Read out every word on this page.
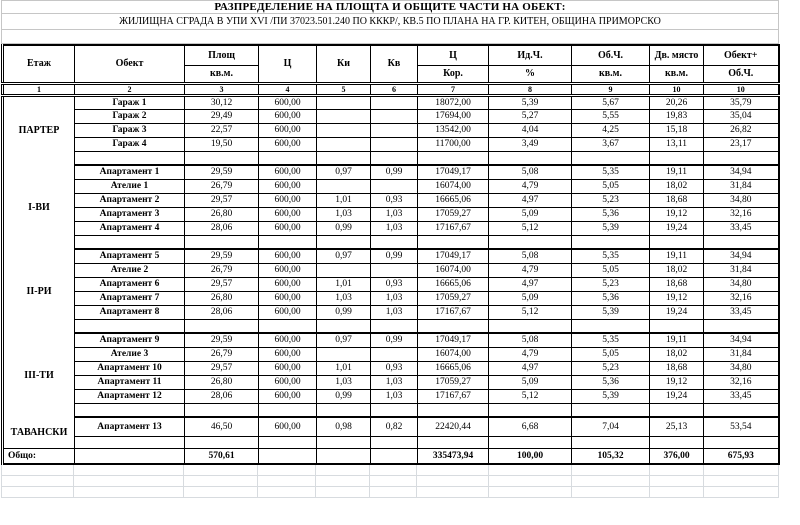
РАЗПРЕДЕЛЕНИЕ НА ПЛОЩТА И ОБЩИТЕ ЧАСТИ НА ОБЕКТ:
ЖИЛИЩНА СГРАДА В УПИ XVI /ПИ 37023.501.240 ПО КККР/, КВ.5 ПО ПЛАНА НА ГР. КИТЕН, ОБЩИНА ПРИМОРСКО
Етаж	Обект	Площ	Ц	Ки	Кв	Ц	Ид.Ч.	Об.Ч.	Дв. място	Обект+
		кв.м.				Кор.	%	кв.м.	кв.м.	Об.Ч.
1	2	3	4	5	6	7	8	9	10	10
ПАРТЕР	Гараж 1	30,12	600,00			18072,00	5,39	5,67	20,26	35,79
	Гараж 2	29,49	600,00			17694,00	5,27	5,55	19,83	35,04
	Гараж 3	22,57	600,00			13542,00	4,04	4,25	15,18	26,82
	Гараж 4	19,50	600,00			11700,00	3,49	3,67	13,11	23,17

I-ВИ	Апартамент 1	29,59	600,00	0,97	0,99	17049,17	5,08	5,35	19,11	34,94
	Ателие 1	26,79	600,00			16074,00	4,79	5,05	18,02	31,84
	Апартамент 2	29,57	600,00	1,01	0,93	16665,06	4,97	5,23	18,68	34,80
	Апартамент 3	26,80	600,00	1,03	1,03	17059,27	5,09	5,36	19,12	32,16
	Апартамент 4	28,06	600,00	0,99	1,03	17167,67	5,12	5,39	19,24	33,45

II-РИ	Апартамент 5	29,59	600,00	0,97	0,99	17049,17	5,08	5,35	19,11	34,94
	Ателие 2	26,79	600,00			16074,00	4,79	5,05	18,02	31,84
	Апартамент 6	29,57	600,00	1,01	0,93	16665,06	4,97	5,23	18,68	34,80
	Апартамент 7	26,80	600,00	1,03	1,03	17059,27	5,09	5,36	19,12	32,16
	Апартамент 8	28,06	600,00	0,99	1,03	17167,67	5,12	5,39	19,24	33,45

III-ТИ	Апартамент 9	29,59	600,00	0,97	0,99	17049,17	5,08	5,35	19,11	34,94
	Ателие 3	26,79	600,00			16074,00	4,79	5,05	18,02	31,84
	Апартамент 10	29,57	600,00	1,01	0,93	16665,06	4,97	5,23	18,68	34,80
	Апартамент 11	26,80	600,00	1,03	1,03	17059,27	5,09	5,36	19,12	32,16
	Апартамент 12	28,06	600,00	0,99	1,03	17167,67	5,12	5,39	19,24	33,45

ТАВАНСКИ	Апартамент 13	46,50	600,00	0,98	0,82	22420,44	6,68	7,04	25,13	53,54

Общо:		570,61				335473,94	100,00	105,32	376,00	675,93
